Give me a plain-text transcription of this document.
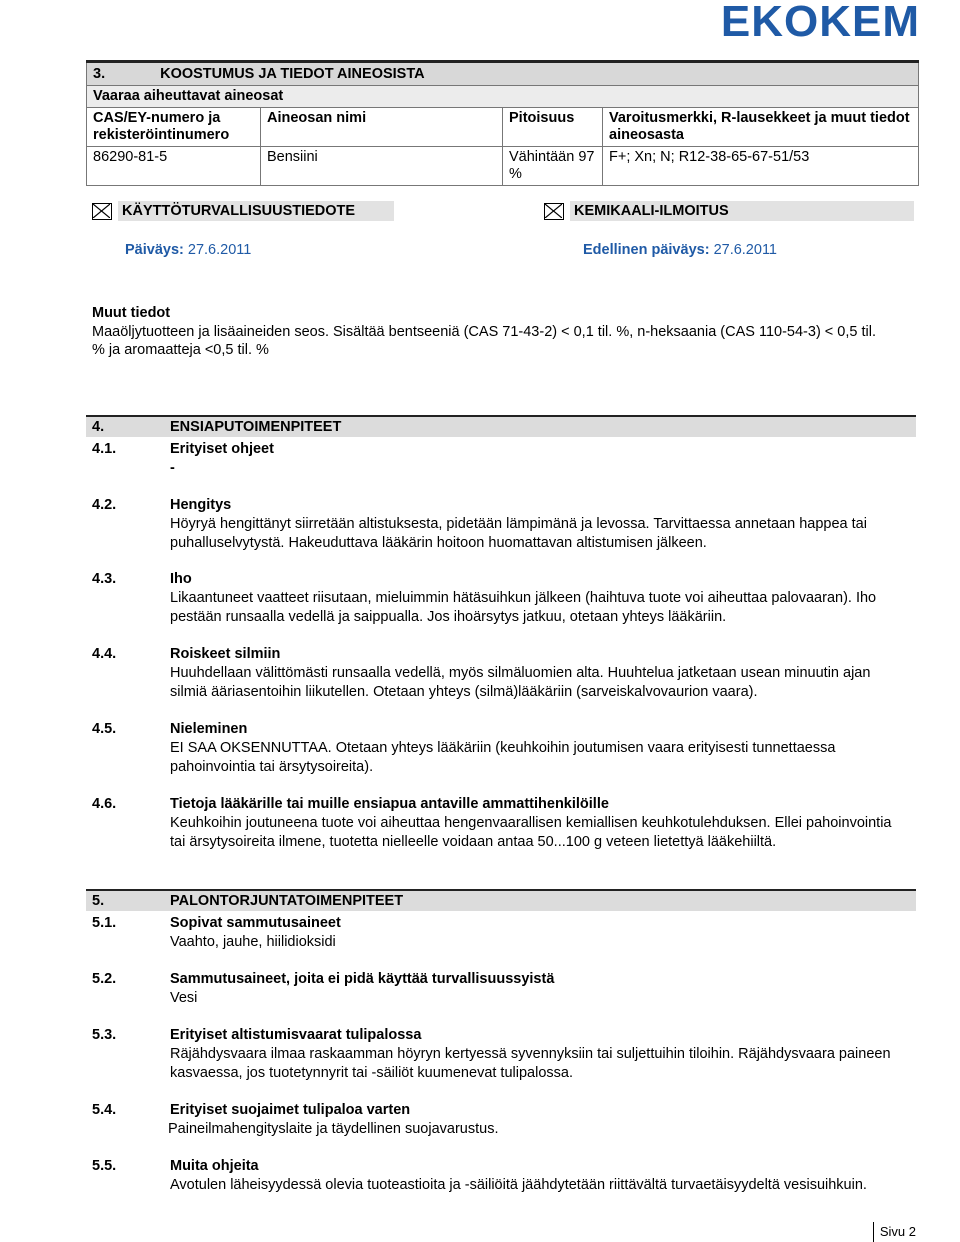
EKOKEM
3. KOOSTUMUS JA TIEDOT AINEOSISTA			
Vaaraa aiheuttavat aineosat			
CAS/EY-numero ja rekisteröintinumero	Aineosan nimi	Pitoisuus	Varoitusmerkki, R-lausekkeet ja muut tiedot aineosasta
86290-81-5	Bensiini	Vähintään 97 %	F+; Xn; N; R12-38-65-67-51/53
KÄYTTÖTURVALLISUUSTIEDOTE	KEMIKAALI-ILMOITUS
Päiväys: 27.6.2011	Edellinen päiväys: 27.6.2011
Muut tiedot
Maaöljytuotteen ja lisäaineiden seos. Sisältää bentseeniä (CAS 71-43-2) < 0,1 til. %, n-heksaania (CAS 110-54-3) < 0,5 til. % ja aromaatteja <0,5 til. %
4.	ENSIAPUTOIMENPITEET
4.1.	Erityiset ohjeet
-
4.2.	Hengitys
Höyryä hengittänyt siirretään altistuksesta, pidetään lämpimänä ja levossa. Tarvittaessa annetaan happea tai puhalluselvytystä. Hakeuduttava lääkärin hoitoon huomattavan altistumisen jälkeen.
4.3.	Iho
Likaantuneet vaatteet riisutaan, mieluimmin hätäsuihkun jälkeen (haihtuva tuote voi aiheuttaa palovaaran). Iho pestään runsaalla vedellä ja saippualla. Jos ihoärsytys jatkuu, otetaan yhteys lääkäriin.
4.4.	Roiskeet silmiin
Huuhdellaan välittömästi runsaalla vedellä, myös silmäluomien alta. Huuhtelua jatketaan usean minuutin ajan silmiä ääriasentoihin liikutellen. Otetaan yhteys (silmä)lääkäriin (sarveiskalvovaurion vaara).
4.5.	Nieleminen
EI SAA OKSENNUTTAA. Otetaan yhteys lääkäriin (keuhkoihin joutumisen vaara erityisesti tunnettaessa pahoinvointia tai ärsytysoireita).
4.6.	Tietoja lääkärille tai muille ensiapua antaville ammattihenkilöille
Keuhkoihin joutuneena tuote voi aiheuttaa hengenvaarallisen kemiallisen keuhkotulehduksen. Ellei pahoinvointia tai ärsytysoireita ilmene, tuotetta nielleelle voidaan antaa 50...100 g veteen lietettyä lääkehiiltä.
5.	PALONTORJUNTATOIMENPITEET
5.1.	Sopivat sammutusaineet
Vaahto, jauhe, hiilidioksidi
5.2.	Sammutusaineet, joita ei pidä käyttää turvallisuussyistä
Vesi
5.3.	Erityiset altistumisvaarat tulipalossa
Räjähdysvaara ilmaa raskaamman höyryn kertyessä syvennyksiin tai suljettuihin tiloihin. Räjähdysvaara paineen kasvaessa, jos tuotetynnyrit tai -säiliöt kuumenevat tulipalossa.
5.4.	Erityiset suojaimet tulipaloa varten
Paineilmahengityslaite ja täydellinen suojavarustus.
5.5.	Muita ohjeita
Avotulen läheisyydessä olevia tuoteastioita ja -säiliöitä jäähdytetään riittävältä turvaetäisyydeltä vesisuihkuin.
Sivu 2
